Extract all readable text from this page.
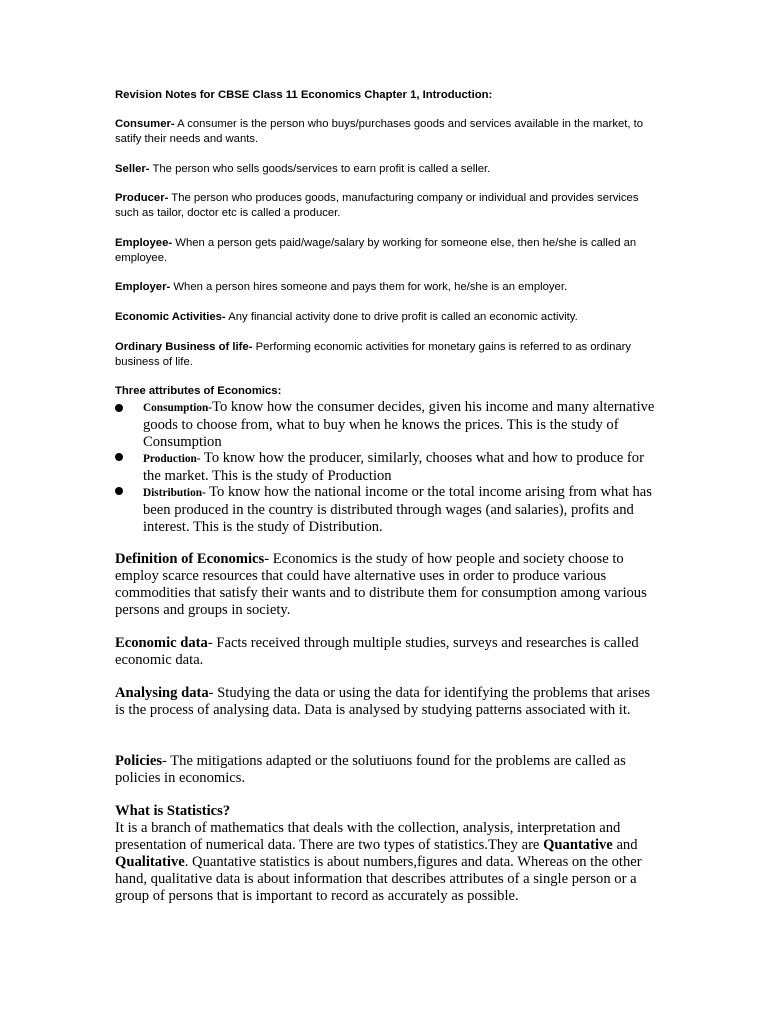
Revision Notes for CBSE Class 11 Economics Chapter 1, Introduction:
Consumer- A consumer is the person who buys/purchases goods and services available in the market, to satify their needs and wants.
Seller- The person who sells goods/services to earn profit is called a seller.
Producer- The person who produces goods, manufacturing company or individual and provides services such as tailor, doctor etc is called a producer.
Employee- When a person gets paid/wage/salary by working for someone else, then he/she is called an employee.
Employer- When a person hires someone and pays them for work, he/she is an employer.
Economic Activities- Any financial activity done to drive profit is called an economic activity.
Ordinary Business of life- Performing economic activities for monetary gains is referred to as ordinary business of life.
Three attributes of Economics:
Consumption-To know how the consumer decides, given his income and many alternative goods to choose from, what to buy when he knows the prices. This is the study of Consumption
Production- To know how the producer, similarly, chooses what and how to produce for the market. This is the study of Production
Distribution- To know how the national income or the total income arising from what has been produced in the country is distributed through wages (and salaries), profits and interest. This is the study of Distribution.
Definition of Economics- Economics is the study of how people and society choose to employ scarce resources that could have alternative uses in order to produce various commodities that satisfy their wants and to distribute them for consumption among various persons and groups in society.
Economic data- Facts received through multiple studies, surveys and researches is called economic data.
Analysing data- Studying the data or using the data for identifying the problems that arises is the process of analysing data. Data is analysed by studying patterns associated with it.
Policies- The mitigations adapted or the solutiuons found for the problems are called as policies in economics.
What is Statistics?
It is a branch of mathematics that deals with the collection, analysis, interpretation and presentation of numerical data. There are two types of statistics.They are Quantative and Qualitative. Quantative statistics is about numbers,figures and data. Whereas on the other hand, qualitative data is about information that describes attributes of a single person or a group of persons that is important to record as accurately as possible.
